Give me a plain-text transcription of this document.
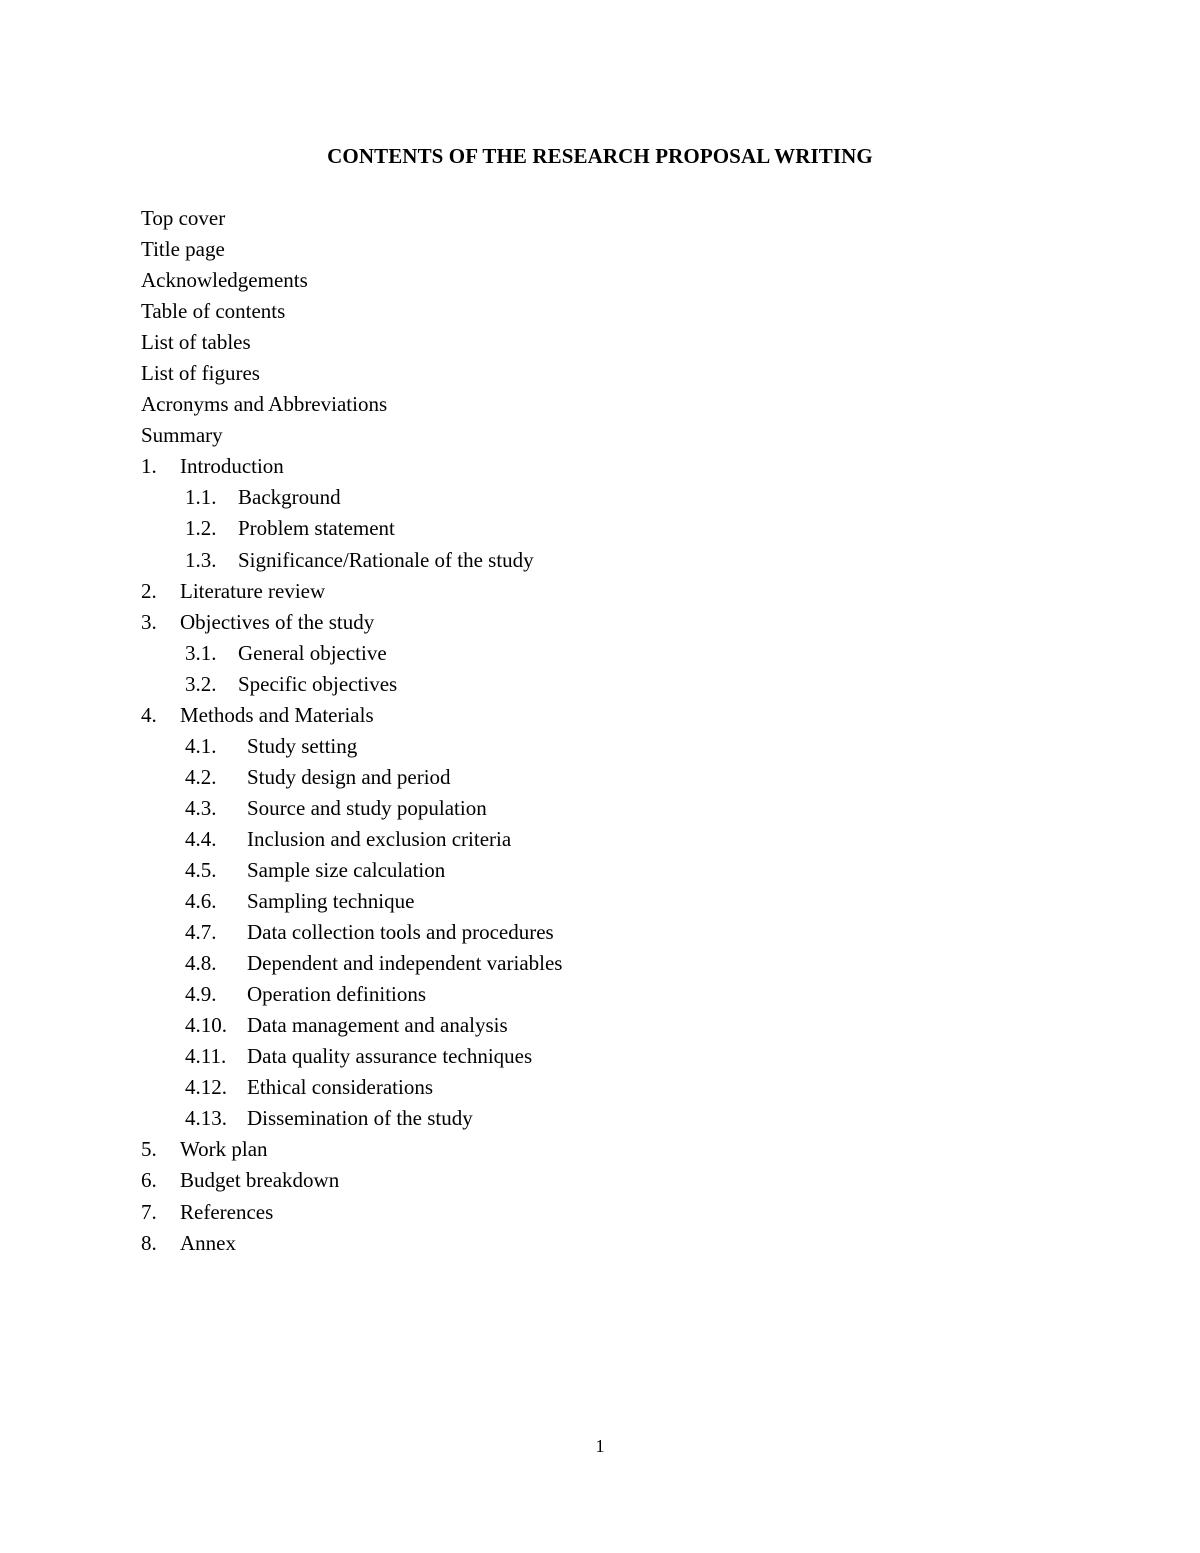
CONTENTS OF THE RESEARCH PROPOSAL WRITING
Top cover
Title page
Acknowledgements
Table of contents
List of tables
List of figures
Acronyms and Abbreviations
Summary
1.	Introduction
1.1.	Background
1.2.	Problem statement
1.3.	Significance/Rationale of the study
2.	Literature review
3.	Objectives of the study
3.1.	General objective
3.2.	Specific objectives
4.	Methods and Materials
4.1.	Study setting
4.2.	Study design and period
4.3.	Source and study population
4.4.	Inclusion and exclusion criteria
4.5.	Sample size calculation
4.6.	Sampling technique
4.7.	Data collection tools and procedures
4.8.	Dependent and independent variables
4.9.	Operation definitions
4.10. Data management and analysis
4.11. Data quality assurance techniques
4.12. Ethical considerations
4.13. Dissemination of the study
5.	Work plan
6.	Budget breakdown
7.	References
8.	Annex
1
